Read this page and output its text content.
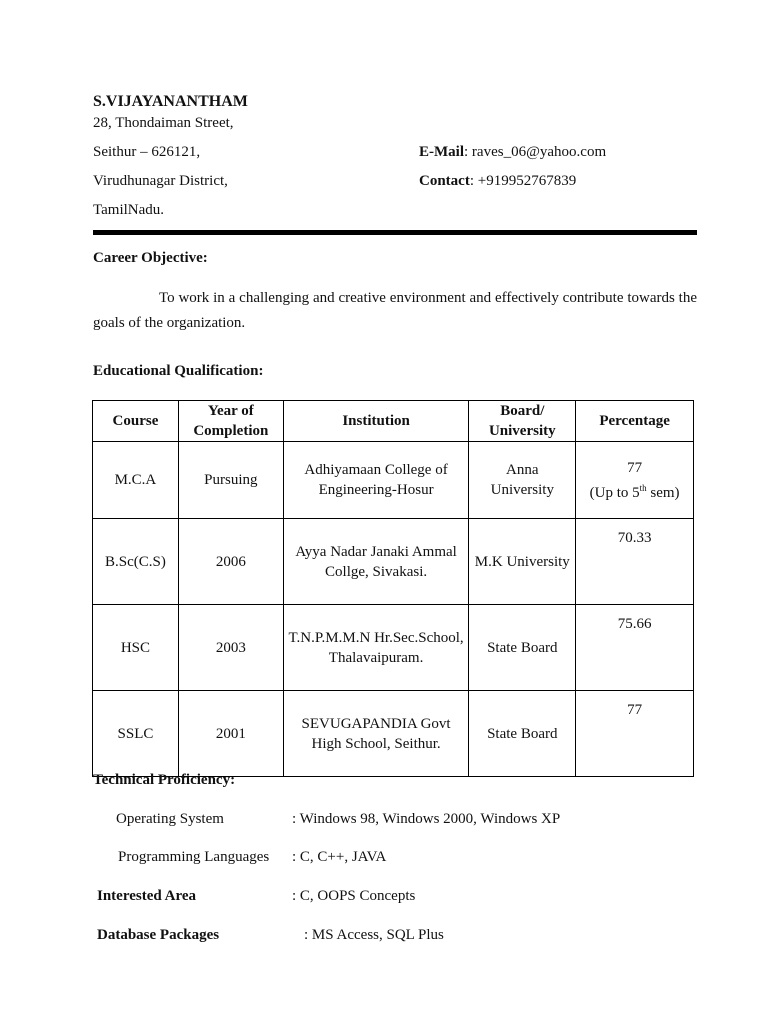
S.VIJAYANANTHAM
28, Thondaiman Street,
Seithur – 626121,
Virudhunagar District,
TamilNadu.
E-Mail: raves_06@yahoo.com
Contact: +919952767839
Career Objective:
To work in a challenging and creative environment and effectively contribute towards the goals of the organization.
Educational Qualification:
Course	Year of Completion	Institution	Board/ University	Percentage
M.C.A	Pursuing	Adhiyamaan College of Engineering-Hosur	Anna University	77
(Up to 5th sem)

B.Sc(C.S)	2006	Ayya Nadar Janaki Ammal Collge, Sivakasi.	M.K University	70.33
HSC	2003	T.N.P.M.M.N Hr.Sec.School, Thalavaipuram.	State Board	75.66
SSLC	2001	SEVUGAPANDIA Govt High School, Seithur.	State Board	77
Technical Proficiency:
Operating System	: Windows 98, Windows 2000, Windows XP
Programming Languages : C, C++, JAVA
Interested Area	: C, OOPS Concepts
Database Packages	: MS Access, SQL Plus
